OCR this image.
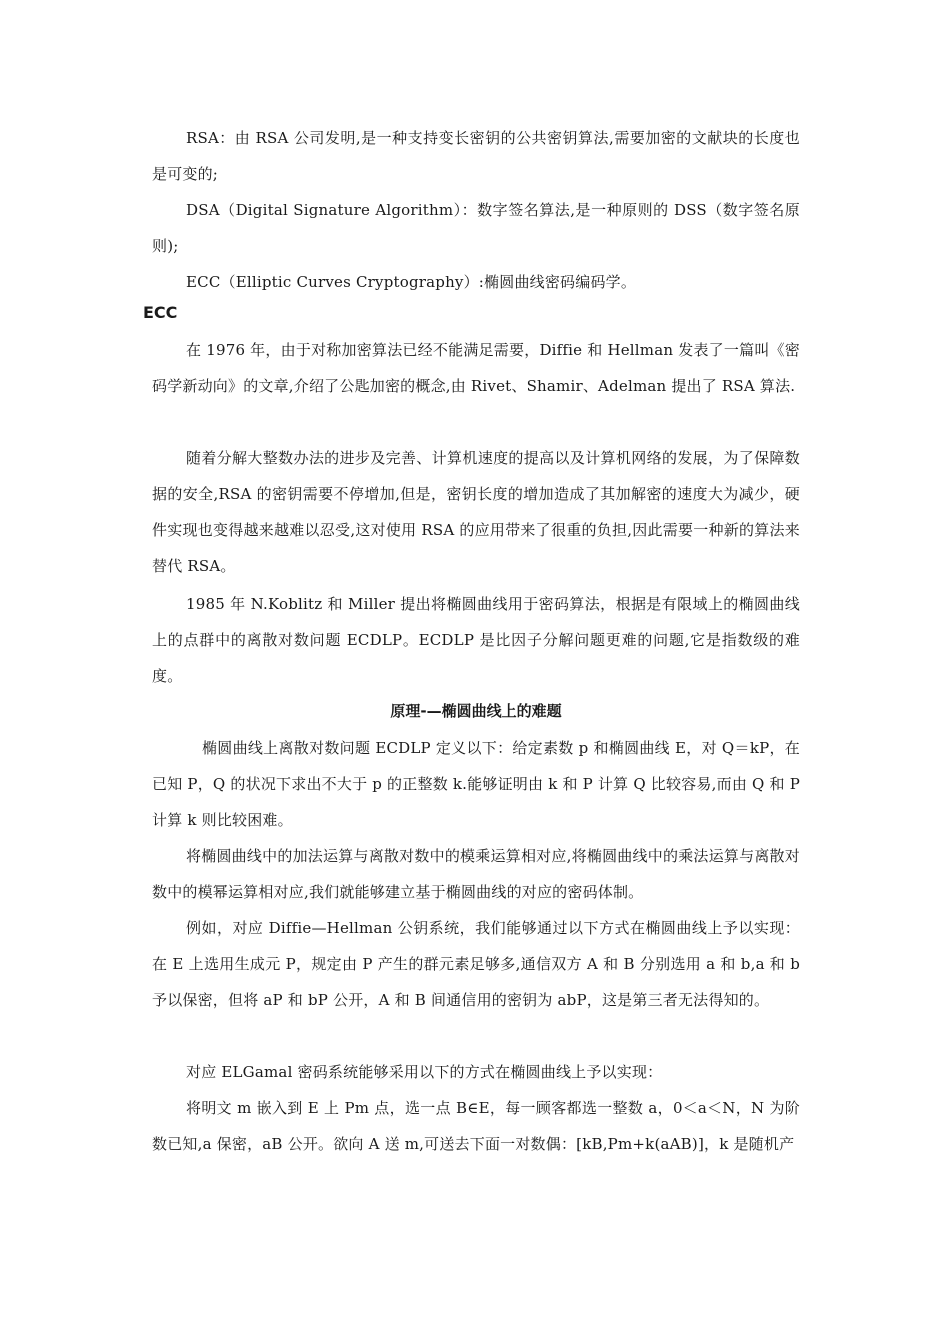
RSA：由 RSA 公司发明,是一种支持变长密钥的公共密钥算法,需要加密的文献块的长度也是可变的;

DSA（Digital Signature Algorithm）：数字签名算法,是一种原则的 DSS（数字签名原则);

ECC（Elliptic Curves Cryptography）:椭圆曲线密码编码学。

ECC

在 1976 年，由于对称加密算法已经不能满足需要，Diffie 和 Hellman 发表了一篇叫《密码学新动向》的文章,介绍了公匙加密的概念,由 Rivet、Shamir、Adelman 提出了 RSA 算法.

随着分解大整数办法的进步及完善、计算机速度的提高以及计算机网络的发展，为了保障数据的安全,RSA 的密钥需要不停增加,但是，密钥长度的增加造成了其加解密的速度大为减少，硬件实现也变得越来越难以忍受,这对使用 RSA 的应用带来了很重的负担,因此需要一种新的算法来替代 RSA。

1985 年 N.Koblitz 和 Miller 提出将椭圆曲线用于密码算法，根据是有限域上的椭圆曲线上的点群中的离散对数问题 ECDLP。ECDLP 是比因子分解问题更难的问题,它是指数级的难度。

原理-—椭圆曲线上的难题

椭圆曲线上离散对数问题 ECDLP 定义以下：给定素数 p 和椭圆曲线 E，对 Q＝kP，在已知 P，Q 的状况下求出不大于 p 的正整数 k.能够证明由 k 和 P 计算 Q 比较容易,而由 Q 和 P 计算 k 则比较困难。

将椭圆曲线中的加法运算与离散对数中的模乘运算相对应,将椭圆曲线中的乘法运算与离散对数中的模幂运算相对应,我们就能够建立基于椭圆曲线的对应的密码体制。

例如，对应 Diffie—Hellman 公钥系统，我们能够通过以下方式在椭圆曲线上予以实现：在 E 上选用生成元 P，规定由 P 产生的群元素足够多,通信双方 A 和 B 分别选用 a 和 b,a 和 b 予以保密，但将 aP 和 bP 公开，A 和 B 间通信用的密钥为 abP，这是第三者无法得知的。

对应 ELGamal 密码系统能够采用以下的方式在椭圆曲线上予以实现：

将明文 m 嵌入到 E 上 Pm 点，选一点 B∈E，每一顾客都选一整数 a，0＜a＜N，N 为阶数已知,a 保密，aB 公开。欲向 A 送 m,可送去下面一对数偶：[kB,Pm+k(aAB)]，k 是随机产
